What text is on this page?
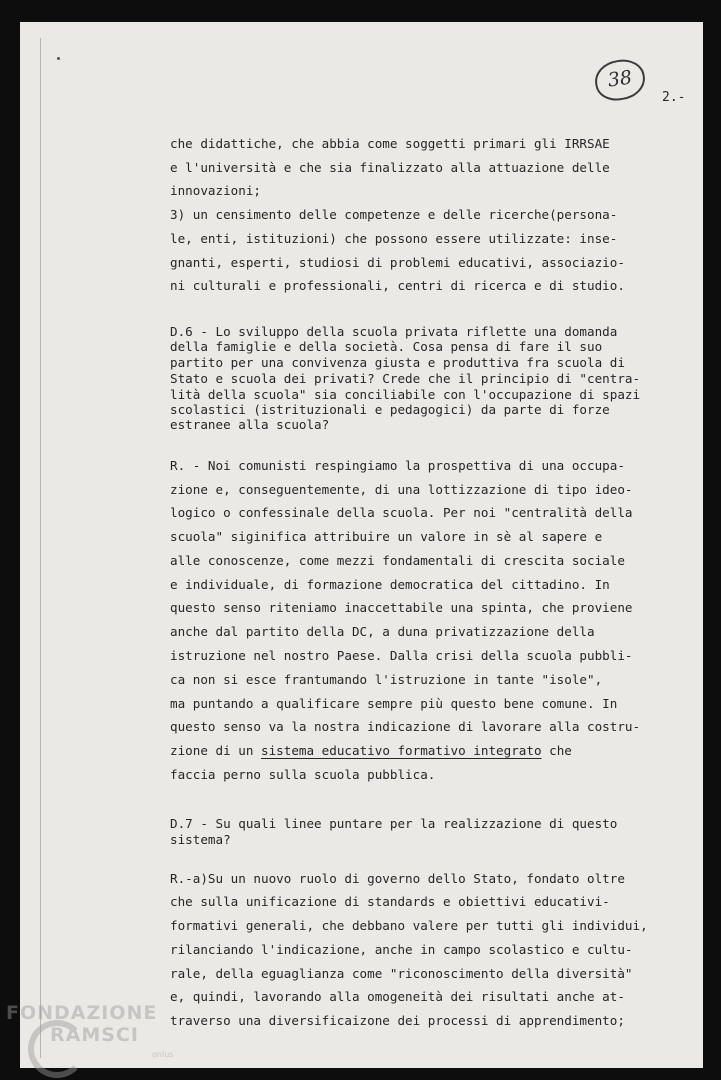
38
2.-
che didattiche, che abbia come soggetti primari gli IRRSAE
e l'università e che sia finalizzato alla attuazione delle
innovazioni;
3) un censimento delle competenze e delle ricerche(persona-
le, enti, istituzioni) che possono essere utilizzate: inse-
gnanti, esperti, studiosi di problemi educativi, associazio-
ni culturali e professionali, centri di ricerca e di studio.
D.6 - Lo sviluppo della scuola privata riflette una domanda
della famiglie e della società. Cosa pensa di fare il suo
partito per una convivenza giusta e produttiva fra scuola di
Stato e scuola dei privati? Crede che il principio di "centra-
lità della scuola" sia conciliabile con l'occupazione di spazi
scolastici (istrituzionali e pedagogici) da parte di forze
estranee alla scuola?
R. - Noi comunisti respingiamo la prospettiva di una occupa-
zione e, conseguentemente, di una lottizzazione di tipo ideo-
logico o confessinale della scuola. Per noi "centralità della
scuola" siginifica attribuire un valore in sè al sapere e
alle conoscenze, come mezzi fondamentali di crescita sociale
e individuale, di formazione democratica del cittadino. In
questo senso riteniamo inaccettabile una spinta, che proviene
anche dal partito della DC, a duna privatizzazione della
istruzione nel nostro Paese. Dalla crisi della scuola pubbli-
ca non si esce frantumando l'istruzione in tante "isole",
ma puntando a qualificare sempre più questo bene comune. In
questo senso va la nostra indicazione di lavorare alla costru-
zione di un sistema educativo formativo integrato che
faccia perno sulla scuola pubblica.
D.7 - Su quali linee puntare per la realizzazione di questo
sistema?
R.-a)Su un nuovo ruolo di governo dello Stato, fondato oltre
che sulla unificazione di standards e obiettivi educativi-
formativi generali, che debbano valere per tutti gli individui,
rilanciando l'indicazione, anche in campo scolastico e cultu-
rale, della eguaglianza come "riconoscimento della diversità"
e, quindi, lavorando alla omogeneità dei risultati anche at-
traverso una diversificaizone dei processi di apprendimento;
FONDAZIONE
RAMSCI
onlus
